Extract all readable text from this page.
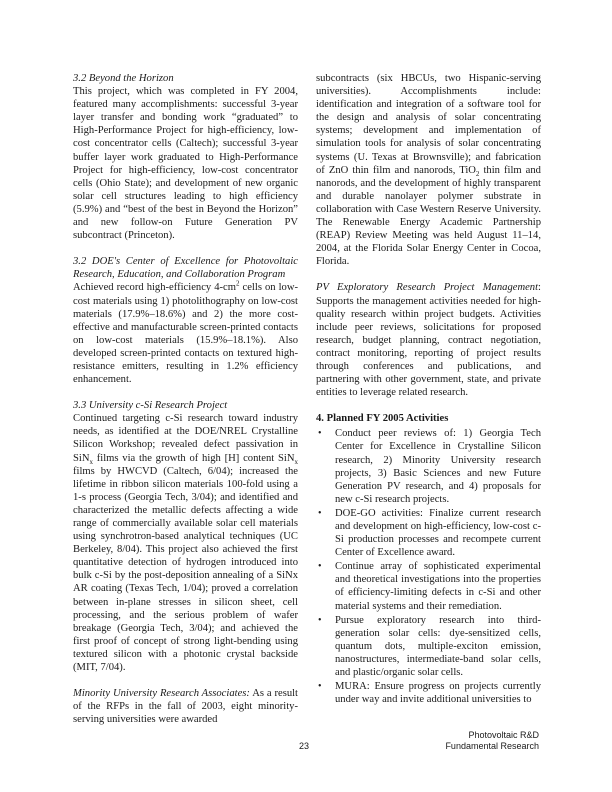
3.2 Beyond the Horizon

This project, which was completed in FY 2004, featured many accomplishments: successful 3-year layer transfer and bonding work “graduated” to High-Performance Project for high-efficiency, low-cost concentrator cells (Caltech); successful 3-year buffer layer work graduated to High-Performance Project for high-efficiency, low-cost concentrator cells (Ohio State); and development of new organic solar cell structures leading to high efficiency (5.9%) and “best of the best in Beyond the Horizon” and new follow-on Future Generation PV subcontract (Princeton).

3.2 DOE's Center of Excellence for Photovoltaic Research, Education, and Collaboration Program

Achieved record high-efficiency $4-cm^2$ cells on low-cost materials using 1) photolithography on low-cost materials (17.9%–18.6%) and 2) the more cost-effective and manufacturable screen-printed contacts on low-cost materials (15.9%–18.1%). Also developed screen-printed contacts on textured high-resistance emitters, resulting in 1.2% efficiency enhancement.

3.3 University c-Si Research Project

Continued targeting c-Si research toward industry needs, as identified at the DOE/NREL Crystalline Silicon Workshop; revealed defect passivation in SiN$_x$ films via the growth of high [H] content SiN$_x$ films by HWCVD (Caltech, 6/04); increased the lifetime in ribbon silicon materials 100-fold using a 1-s process (Georgia Tech, 3/04); and identified and characterized the metallic defects affecting a wide range of commercially available solar cell materials using synchrotron-based analytical techniques (UC Berkeley, 8/04). This project also achieved the first quantitative detection of hydrogen introduced into bulk c-Si by the post-deposition annealing of a SiNx AR coating (Texas Tech, 1/04); proved a correlation between in-plane stresses in silicon sheet, cell processing, and the serious problem of wafer breakage (Georgia Tech, 3/04); and achieved the first proof of concept of strong light-bending using textured silicon with a photonic crystal backside (MIT, 7/04).

Minority University Research Associates: As a result of the RFPs in the fall of 2003, eight minority-serving universities were awarded

subcontracts (six HBCUs, two Hispanic-serving universities). Accomplishments include: identification and integration of a software tool for the design and analysis of solar concentrating systems; development and implementation of simulation tools for analysis of solar concentrating systems (U. Texas at Brownsville); and fabrication of ZnO thin film and nanorods, TiO$_2$ thin film and nanorods, and the development of highly transparent and durable nanolayer polymer substrate in collaboration with Case Western Reserve University. The Renewable Energy Academic Partnership (REAP) Review Meeting was held August 11–14, 2004, at the Florida Solar Energy Center in Cocoa, Florida.

PV Exploratory Research Project Management: Supports the management activities needed for high-quality research within project budgets. Activities include peer reviews, solicitations for proposed research, budget planning, contract negotiation, contract monitoring, reporting of project results through conferences and publications, and partnering with other government, state, and private entities to leverage related research.

4. Planned FY 2005 Activities

• Conduct peer reviews of: 1) Georgia Tech Center for Excellence in Crystalline Silicon research, 2) Minority University research projects, 3) Basic Sciences and new Future Generation PV research, and 4) proposals for new c-Si research projects.
• DOE-GO activities: Finalize current research and development on high-efficiency, low-cost c-Si production processes and recompete current Center of Excellence award.
• Continue array of sophisticated experimental and theoretical investigations into the properties of efficiency-limiting defects in c-Si and other material systems and their remediation.
• Pursue exploratory research into third-generation solar cells: dye-sensitized cells, quantum dots, multiple-exciton emission, nanostructures, intermediate-band solar cells, and plastic/organic solar cells.
• MURA: Ensure progress on projects currently under way and invite additional universities to
Photovoltaic R&D
Fundamental Research
23
